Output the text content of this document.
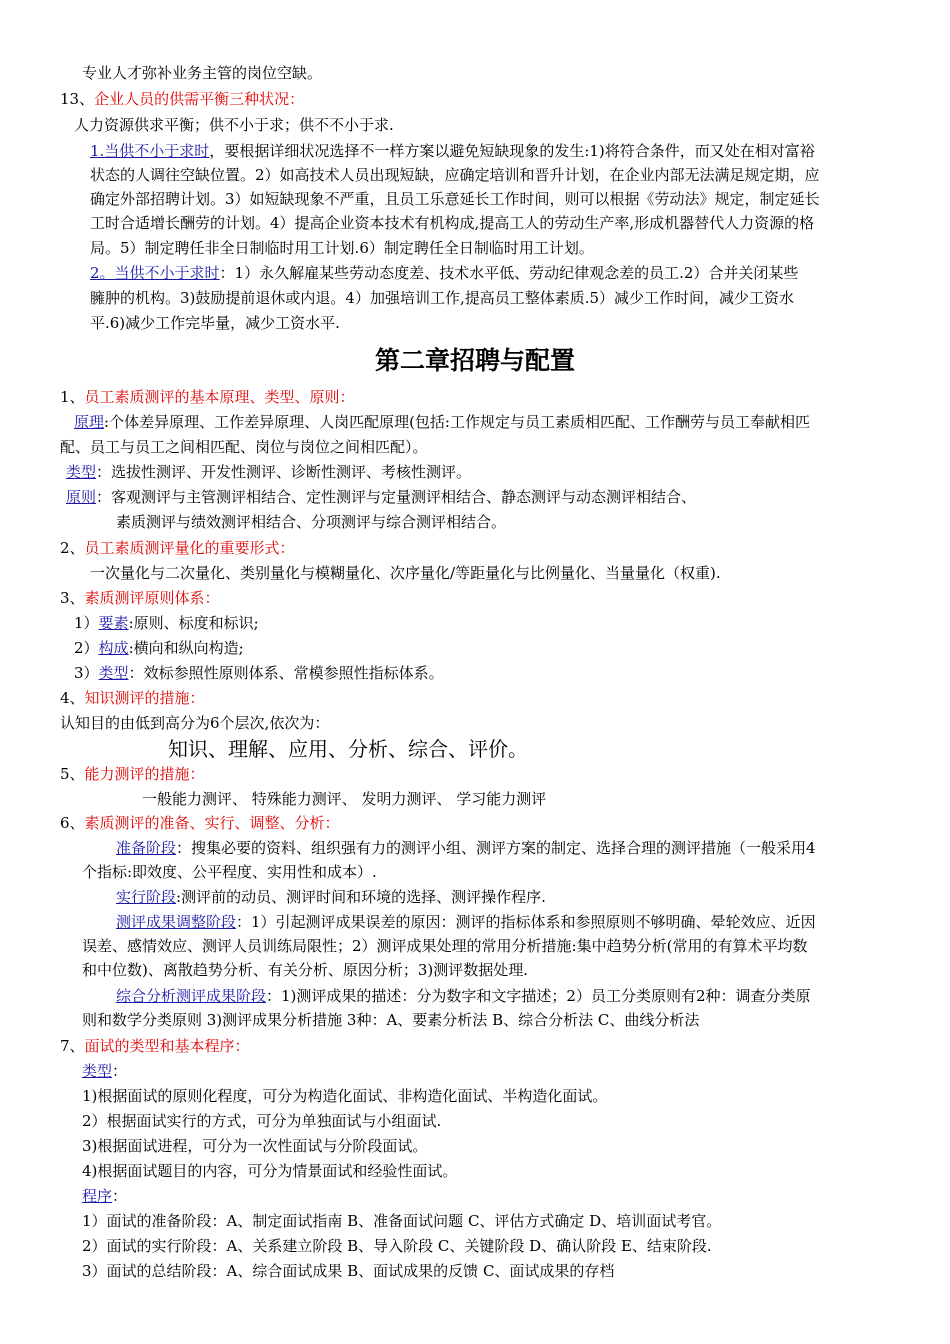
专业人才弥补业务主管的岗位空缺。
13、企业人员的供需平衡三种状况：
人力资源供求平衡；供不小于求；供不不小于求.
1.当供不小于求时，要根据详细状况选择不一样方案以避免短缺现象的发生:1)将符合条件，而又处在相对富裕
状态的人调往空缺位置。2）如高技术人员出现短缺，应确定培训和晋升计划，在企业内部无法满足规定期，应
确定外部招聘计划。3）如短缺现象不严重，且员工乐意延长工作时间，则可以根据《劳动法》规定，制定延长
工时合适增长酬劳的计划。4）提高企业资本技术有机构成,提高工人的劳动生产率,形成机器替代人力资源的格
局。5）制定聘任非全日制临时用工计划.6）制定聘任全日制临时用工计划。
2。当供不小于求时：1）永久解雇某些劳动态度差、技术水平低、劳动纪律观念差的员工.2）合并关闭某些
臃肿的机构。3)鼓励提前退休或内退。4）加强培训工作,提高员工整体素质.5）减少工作时间，减少工资水
平.6)减少工作完毕量，减少工资水平.
第二章招聘与配置
1、员工素质测评的基本原理、类型、原则：
原理:个体差异原理、工作差异原理、人岗匹配原理(包括:工作规定与员工素质相匹配、工作酬劳与员工奉献相匹
配、员工与员工之间相匹配、岗位与岗位之间相匹配）。
类型：选拔性测评、开发性测评、诊断性测评、考核性测评。
原则：客观测评与主管测评相结合、定性测评与定量测评相结合、静态测评与动态测评相结合、
素质测评与绩效测评相结合、分项测评与综合测评相结合。
2、员工素质测评量化的重要形式：
一次量化与二次量化、类别量化与模糊量化、次序量化/等距量化与比例量化、当量量化（权重).
3、素质测评原则体系：
1）要素:原则、标度和标识;
2）构成:横向和纵向构造;
3）类型：效标参照性原则体系、常模参照性指标体系。
4、知识测评的措施：
认知目的由低到高分为6个层次,依次为：
知识、理解、应用、分析、综合、评价。
5、能力测评的措施：
一般能力测评、 特殊能力测评、 发明力测评、 学习能力测评
6、素质测评的准备、实行、调整、分析：
准备阶段：搜集必要的资料、组织强有力的测评小组、测评方案的制定、选择合理的测评措施（一般采用4
个指标:即效度、公平程度、实用性和成本）.
实行阶段:测评前的动员、测评时间和环境的选择、测评操作程序.
测评成果调整阶段：1）引起测评成果误差的原因：测评的指标体系和参照原则不够明确、晕轮效应、近因
误差、感情效应、测评人员训练局限性；2）测评成果处理的常用分析措施:集中趋势分析(常用的有算术平均数
和中位数)、离散趋势分析、有关分析、原因分析；3)测评数据处理.
综合分析测评成果阶段：1)测评成果的描述：分为数字和文字描述；2）员工分类原则有2种：调查分类原
则和数学分类原则 3)测评成果分析措施 3种：A、要素分析法 B、综合分析法 C、曲线分析法
7、面试的类型和基本程序：
类型：
1)根据面试的原则化程度，可分为构造化面试、非构造化面试、半构造化面试。
2）根据面试实行的方式，可分为单独面试与小组面试.
3)根据面试进程，可分为一次性面试与分阶段面试。
4)根据面试题目的内容，可分为情景面试和经验性面试。
程序：
1）面试的准备阶段：A、制定面试指南 B、准备面试问题 C、评估方式确定 D、培训面试考官。
2）面试的实行阶段：A、关系建立阶段 B、导入阶段 C、关键阶段 D、确认阶段 E、结束阶段.
3）面试的总结阶段：A、综合面试成果 B、面试成果的反馈 C、面试成果的存档
